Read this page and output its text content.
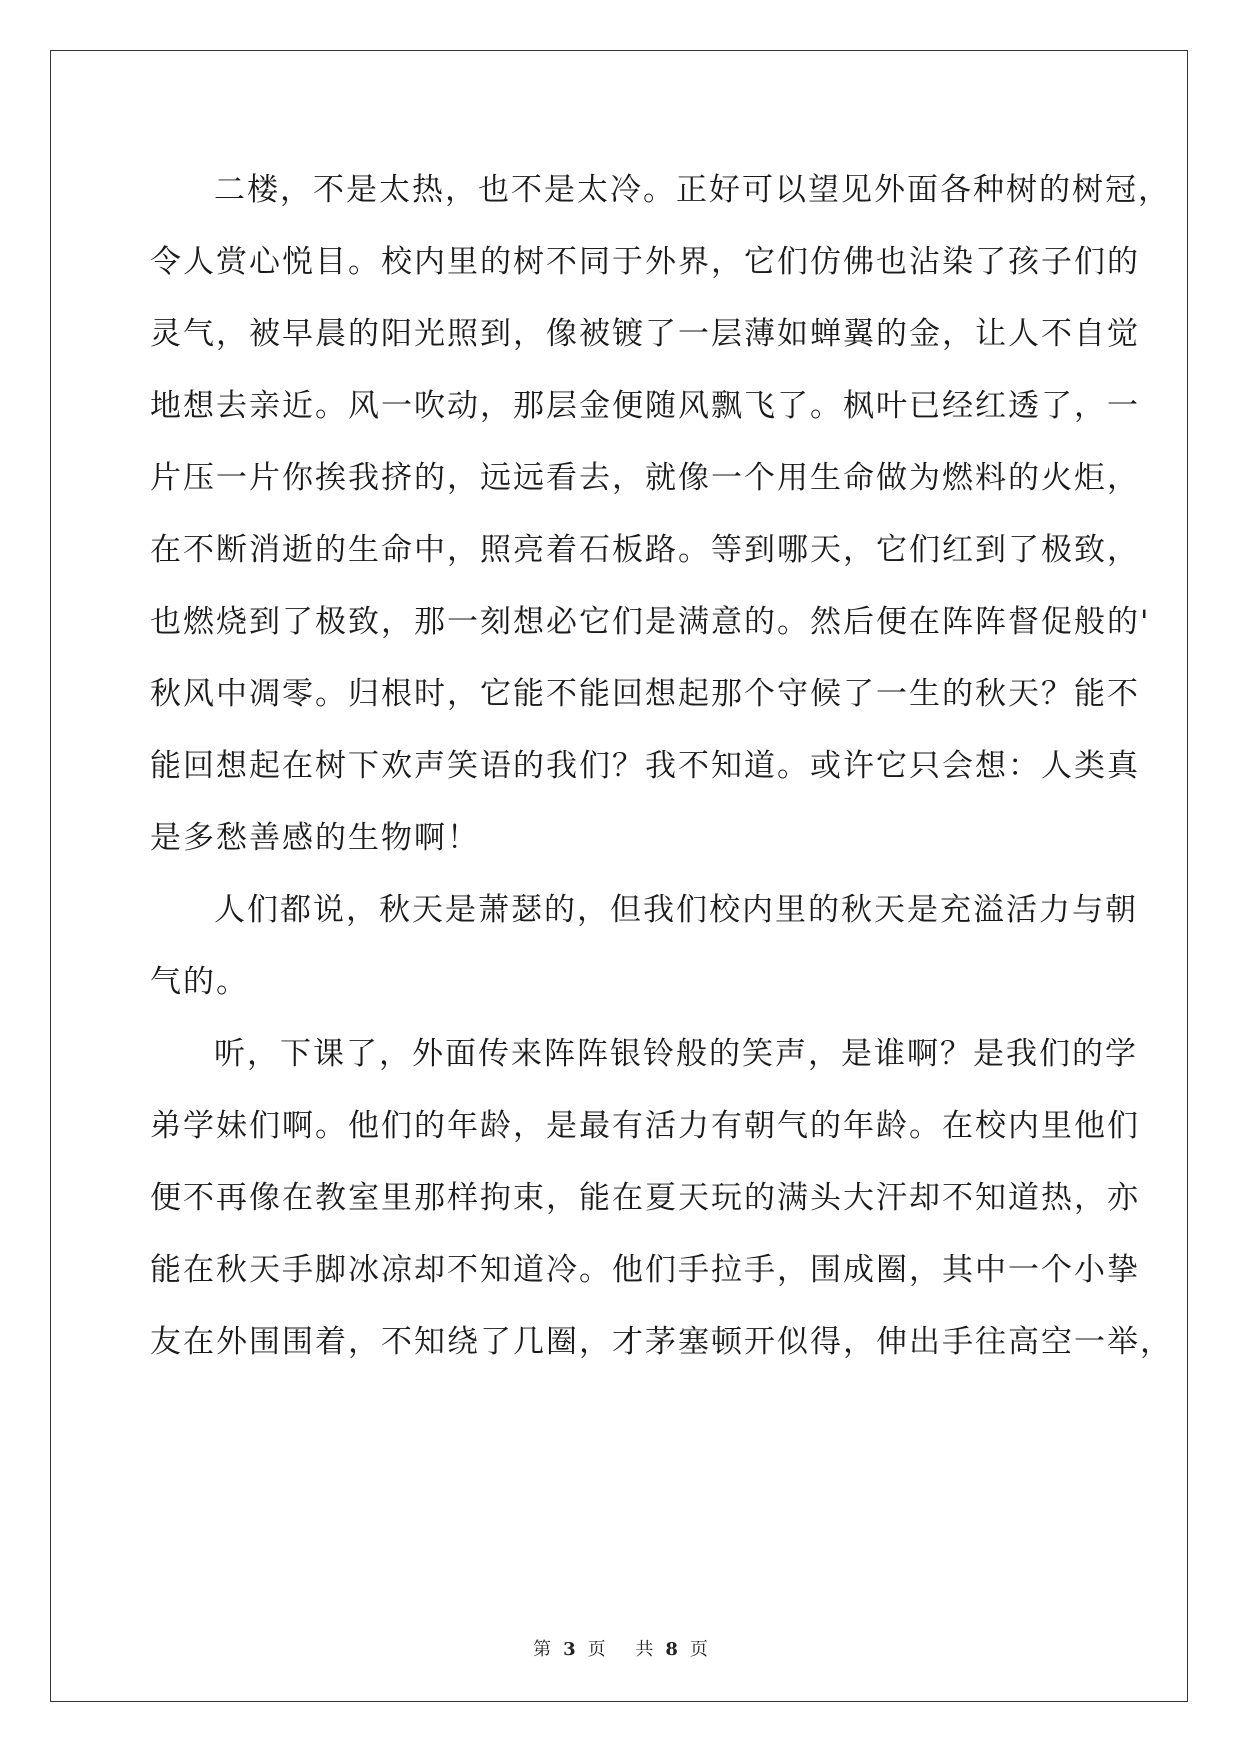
二楼，不是太热，也不是太冷。正好可以望见外面各种树的树冠，
令人赏心悦目。校内里的树不同于外界，它们仿佛也沾染了孩子们的
灵气，被早晨的阳光照到，像被镀了一层薄如蝉翼的金，让人不自觉
地想去亲近。风一吹动，那层金便随风飘飞了。枫叶已经红透了，一
片压一片你挨我挤的，远远看去，就像一个用生命做为燃料的火炬，
在不断消逝的生命中，照亮着石板路。等到哪天，它们红到了极致，
也燃烧到了极致，那一刻想必它们是满意的。然后便在阵阵督促般的'
秋风中凋零。归根时，它能不能回想起那个守候了一生的秋天？能不
能回想起在树下欢声笑语的我们？我不知道。或许它只会想：人类真
是多愁善感的生物啊！
人们都说，秋天是萧瑟的，但我们校内里的秋天是充溢活力与朝
气的。
听，下课了，外面传来阵阵银铃般的笑声，是谁啊？是我们的学
弟学妹们啊。他们的年龄，是最有活力有朝气的年龄。在校内里他们
便不再像在教室里那样拘束，能在夏天玩的满头大汗却不知道热，亦
能在秋天手脚冰凉却不知道冷。他们手拉手，围成圈，其中一个小挚
友在外围围着，不知绕了几圈，才茅塞顿开似得，伸出手往高空一举，
第 3 页 共 8 页
